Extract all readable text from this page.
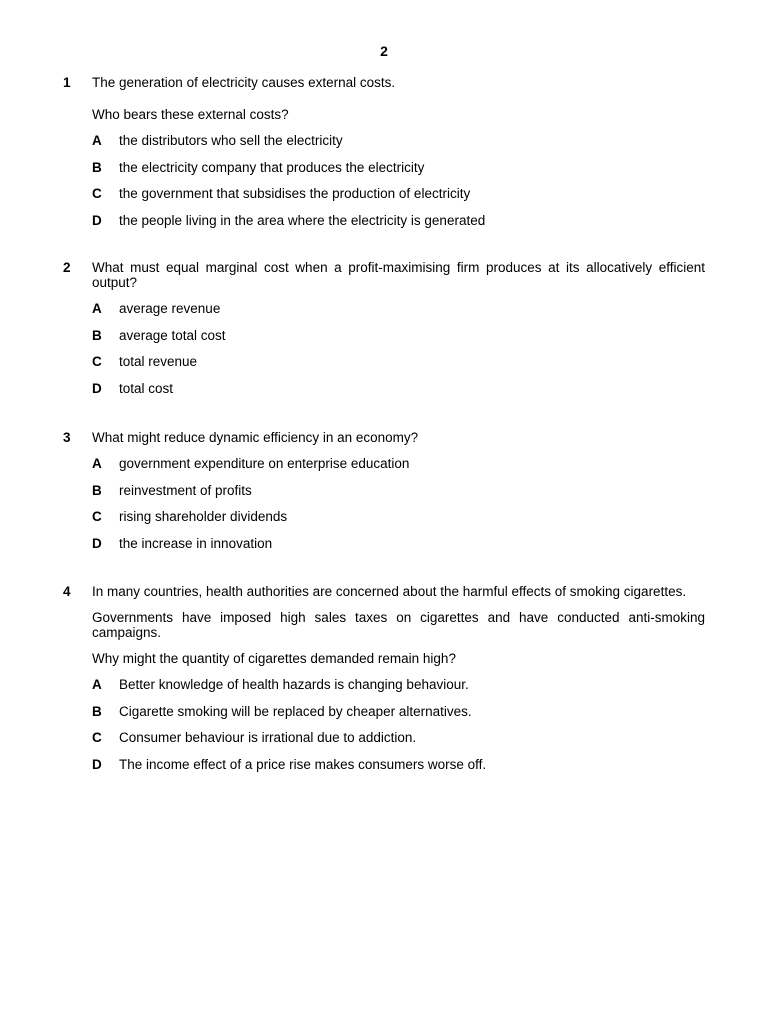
2
1	The generation of electricity causes external costs.

Who bears these external costs?

A the distributors who sell the electricity
B the electricity company that produces the electricity
C the government that subsidises the production of electricity
D the people living in the area where the electricity is generated
2	What must equal marginal cost when a profit-maximising firm produces at its allocatively efficient output?

A average revenue
B average total cost
C total revenue
D total cost
3	What might reduce dynamic efficiency in an economy?

A government expenditure on enterprise education
B reinvestment of profits
C rising shareholder dividends
D the increase in innovation
4	In many countries, health authorities are concerned about the harmful effects of smoking cigarettes.

Governments have imposed high sales taxes on cigarettes and have conducted anti-smoking campaigns.

Why might the quantity of cigarettes demanded remain high?

A Better knowledge of health hazards is changing behaviour.
B Cigarette smoking will be replaced by cheaper alternatives.
C Consumer behaviour is irrational due to addiction.
D The income effect of a price rise makes consumers worse off.
